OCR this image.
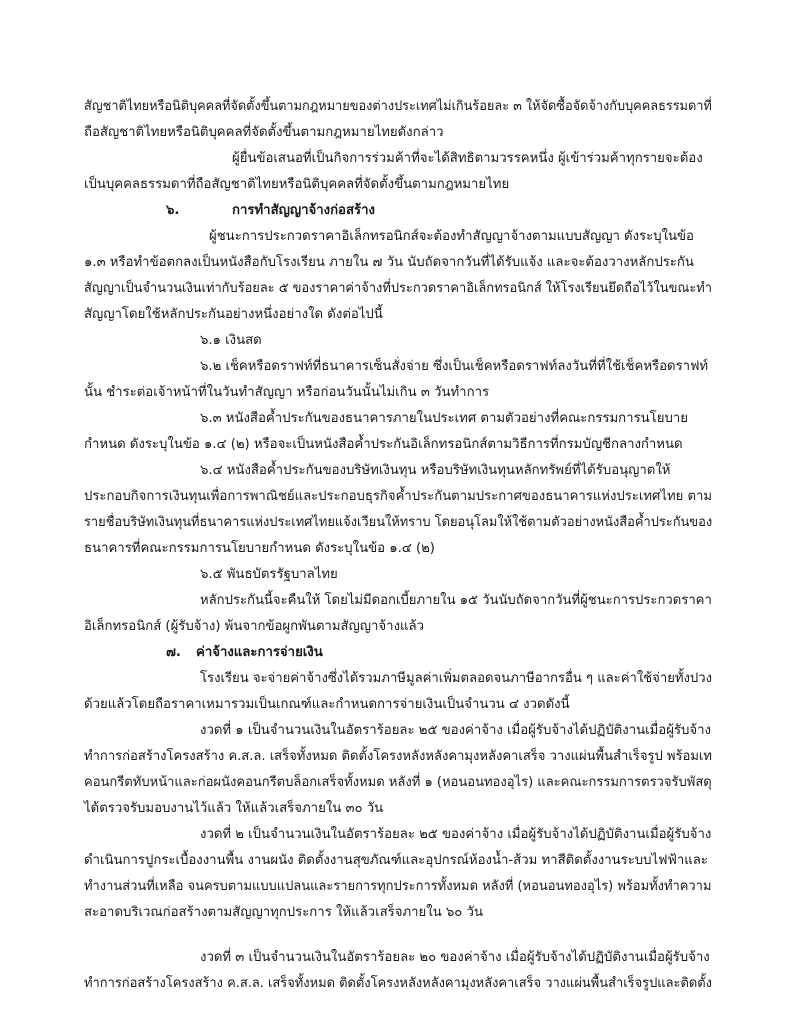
สัญชาติไทยหรือนิติบุคคลที่จัดตั้งขึ้นตามกฎหมายของต่างประเทศไม่เกินร้อยละ ๓ ให้จัดซื้อจัดจ้างกับบุคคลธรรมดาที่
ถือสัญชาติไทยหรือนิติบุคคลที่จัดตั้งขึ้นตามกฎหมายไทยดังกล่าว
ผู้ยื่นข้อเสนอที่เป็นกิจการร่วมค้าที่จะได้สิทธิตามวรรคหนึ่ง ผู้เข้าร่วมค้าทุกรายจะต้อง
เป็นบุคคลธรรมดาที่ถือสัญชาติไทยหรือนิติบุคคลที่จัดตั้งขึ้นตามกฎหมายไทย
๖.	การทำสัญญาจ้างก่อสร้าง
ผู้ชนะการประกวดราคาอิเล็กทรอนิกส์จะต้องทำสัญญาจ้างตามแบบสัญญา ดังระบุในข้อ
๑.๓ หรือทำข้อตกลงเป็นหนังสือกับโรงเรียน ภายใน ๗ วัน นับถัดจากวันที่ได้รับแจ้ง และจะต้องวางหลักประกัน
สัญญาเป็นจำนวนเงินเท่ากับร้อยละ ๕ ของราคาค่าจ้างที่ประกวดราคาอิเล็กทรอนิกส์ ให้โรงเรียนยึดถือไว้ในขณะทำ
สัญญาโดยใช้หลักประกันอย่างหนึ่งอย่างใด ดังต่อไปนี้
๖.๑ เงินสด
๖.๒ เช็คหรือดราฟท์ที่ธนาคารเซ็นสั่งจ่าย ซึ่งเป็นเช็คหรือดราฟท์ลงวันที่ที่ใช้เช็คหรือดราฟท์
นั้น ชำระต่อเจ้าหน้าที่ในวันทำสัญญา หรือก่อนวันนั้นไม่เกิน ๓ วันทำการ
๖.๓ หนังสือค้ำประกันของธนาคารภายในประเทศ ตามตัวอย่างที่คณะกรรมการนโยบาย
กำหนด ดังระบุในข้อ ๑.๔ (๒) หรือจะเป็นหนังสือค้ำประกันอิเล็กทรอนิกส์ตามวิธีการที่กรมบัญชีกลางกำหนด
๖.๔ หนังสือค้ำประกันของบริษัทเงินทุน หรือบริษัทเงินทุนหลักทรัพย์ที่ได้รับอนุญาตให้
ประกอบกิจการเงินทุนเพื่อการพาณิชย์และประกอบธุรกิจค้ำประกันตามประกาศของธนาคารแห่งประเทศไทย ตาม
รายชื่อบริษัทเงินทุนที่ธนาคารแห่งประเทศไทยแจ้งเวียนให้ทราบ โดยอนุโลมให้ใช้ตามตัวอย่างหนังสือค้ำประกันของ
ธนาคารที่คณะกรรมการนโยบายกำหนด ดังระบุในข้อ ๑.๔ (๒)
๖.๕ พันธบัตรรัฐบาลไทย
หลักประกันนี้จะคืนให้ โดยไม่มีดอกเบี้ยภายใน ๑๕ วันนับถัดจากวันที่ผู้ชนะการประกวดราคา
อิเล็กทรอนิกส์ (ผู้รับจ้าง) พ้นจากข้อผูกพันตามสัญญาจ้างแล้ว
๗. ค่าจ้างและการจ่ายเงิน
โรงเรียน จะจ่ายค่าจ้างซึ่งได้รวมภาษีมูลค่าเพิ่มตลอดจนภาษีอากรอื่น ๆ และค่าใช้จ่ายทั้งปวง
ด้วยแล้วโดยถือราคาเหมารวมเป็นเกณฑ์และกำหนดการจ่ายเงินเป็นจำนวน ๔ งวดดังนี้
งวดที่ ๑ เป็นจำนวนเงินในอัตราร้อยละ ๒๕ ของค่าจ้าง เมื่อผู้รับจ้างได้ปฏิบัติงานเมื่อผู้รับจ้าง
ทำการก่อสร้างโครงสร้าง ค.ส.ล. เสร็จทั้งหมด ติดตั้งโครงหลังหลังคามุงหลังคาเสร็จ วางแผ่นพื้นสำเร็จรูป พร้อมเท
คอนกรีตทับหน้าและก่อผนังคอนกรีตบล็อกเสร็จทั้งหมด หลังที่ ๑ (หอนอนทองอุไร) และคณะกรรมการตรวจรับพัสดุ
ได้ตรวจรับมอบงานไว้แล้ว ให้แล้วเสร็จภายใน ๓๐ วัน
งวดที่ ๒ เป็นจำนวนเงินในอัตราร้อยละ ๒๕ ของค่าจ้าง เมื่อผู้รับจ้างได้ปฏิบัติงานเมื่อผู้รับจ้าง
ดำเนินการปูกระเบื้องงานพื้น งานผนัง ติดตั้งงานสุขภัณฑ์และอุปกรณ์ห้องน้ำ-ส้วม ทาสีติดตั้งงานระบบไฟฟ้าและ
ทำงานส่วนที่เหลือ จนครบตามแบบแปลนและรายการทุกประการทั้งหมด หลังที่ (หอนอนทองอุไร) พร้อมทั้งทำความ
สะอาดบริเวณก่อสร้างตามสัญญาทุกประการ ให้แล้วเสร็จภายใน ๖๐ วัน
งวดที่ ๓ เป็นจำนวนเงินในอัตราร้อยละ ๒๐ ของค่าจ้าง เมื่อผู้รับจ้างได้ปฏิบัติงานเมื่อผู้รับจ้าง
ทำการก่อสร้างโครงสร้าง ค.ส.ล. เสร็จทั้งหมด ติดตั้งโครงหลังหลังคามุงหลังคาเสร็จ วางแผ่นพื้นสำเร็จรูปและติดตั้ง
